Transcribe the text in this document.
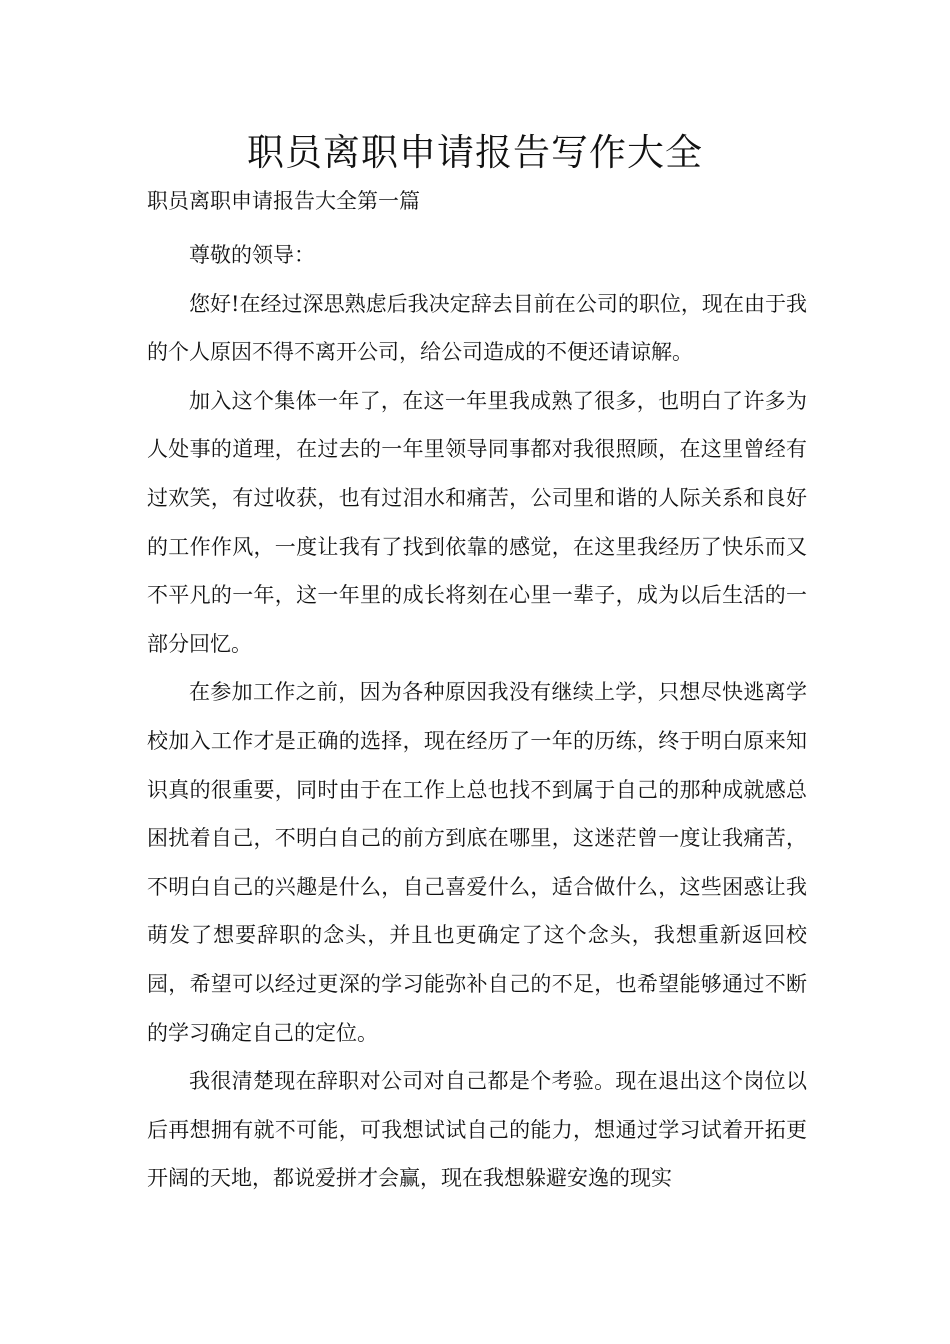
职员离职申请报告写作大全
职员离职申请报告大全第一篇

尊敬的领导：

您好!在经过深思熟虑后我决定辞去目前在公司的职位，现在由于我的个人原因不得不离开公司，给公司造成的不便还请谅解。

加入这个集体一年了，在这一年里我成熟了很多，也明白了许多为人处事的道理，在过去的一年里领导同事都对我很照顾，在这里曾经有过欢笑，有过收获，也有过泪水和痛苦，公司里和谐的人际关系和良好的工作作风，一度让我有了找到依靠的感觉，在这里我经历了快乐而又不平凡的一年，这一年里的成长将刻在心里一辈子，成为以后生活的一部分回忆。

在参加工作之前，因为各种原因我没有继续上学，只想尽快逃离学校加入工作才是正确的选择，现在经历了一年的历练，终于明白原来知识真的很重要，同时由于在工作上总也找不到属于自己的那种成就感总困扰着自己，不明白自己的前方到底在哪里，这迷茫曾一度让我痛苦，不明白自己的兴趣是什么，自己喜爱什么，适合做什么，这些困惑让我萌发了想要辞职的念头，并且也更确定了这个念头，我想重新返回校园，希望可以经过更深的学习能弥补自己的不足，也希望能够通过不断的学习确定自己的定位。

我很清楚现在辞职对公司对自己都是个考验。现在退出这个岗位以后再想拥有就不可能，可我想试试自己的能力，想通过学习试着开拓更开阔的天地，都说爱拼才会赢，现在我想躲避安逸的现实
